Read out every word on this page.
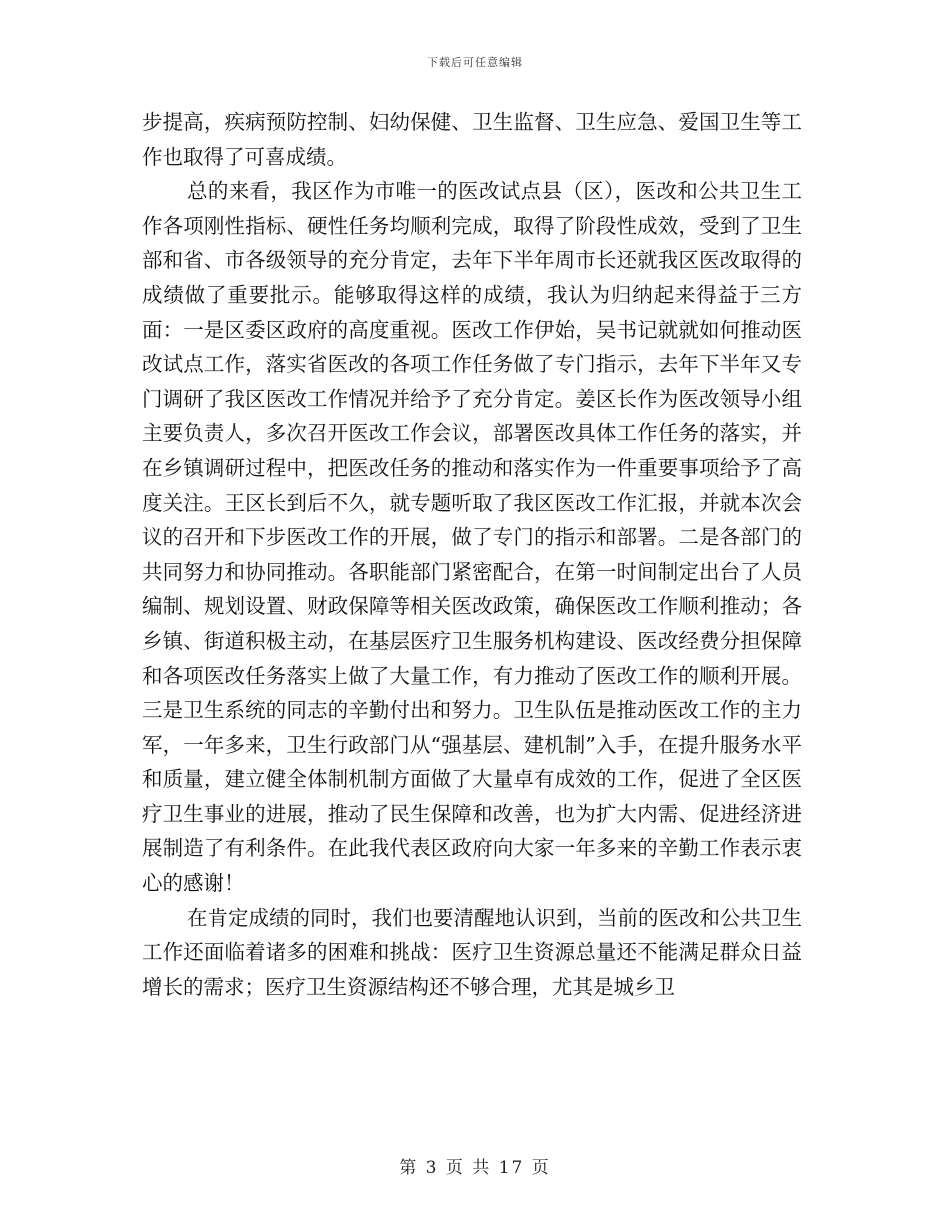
下载后可任意编辑

步提高，疾病预防控制、妇幼保健、卫生监督、卫生应急、爱国卫生等工作也取得了可喜成绩。

总的来看，我区作为市唯一的医改试点县（区），医改和公共卫生工作各项刚性指标、硬性任务均顺利完成，取得了阶段性成效，受到了卫生部和省、市各级领导的充分肯定，去年下半年周市长还就我区医改取得的成绩做了重要批示。能够取得这样的成绩，我认为归纳起来得益于三方面：一是区委区政府的高度重视。医改工作伊始，吴书记就就如何推动医改试点工作，落实省医改的各项工作任务做了专门指示，去年下半年又专门调研了我区医改工作情况并给予了充分肯定。姜区长作为医改领导小组主要负责人，多次召开医改工作会议，部署医改具体工作任务的落实，并在乡镇调研过程中，把医改任务的推动和落实作为一件重要事项给予了高度关注。王区长到后不久，就专题听取了我区医改工作汇报，并就本次会议的召开和下步医改工作的开展，做了专门的指示和部署。二是各部门的共同努力和协同推动。各职能部门紧密配合，在第一时间制定出台了人员编制、规划设置、财政保障等相关医改政策，确保医改工作顺利推动；各乡镇、街道积极主动，在基层医疗卫生服务机构建设、医改经费分担保障和各项医改任务落实上做了大量工作，有力推动了医改工作的顺利开展。三是卫生系统的同志的辛勤付出和努力。卫生队伍是推动医改工作的主力军，一年多来，卫生行政部门从“强基层、建机制”入手，在提升服务水平和质量，建立健全体制机制方面做了大量卓有成效的工作，促进了全区医疗卫生事业的进展，推动了民生保障和改善，也为扩大内需、促进经济进展制造了有利条件。在此我代表区政府向大家一年多来的辛勤工作表示衷心的感谢！

在肯定成绩的同时，我们也要清醒地认识到，当前的医改和公共卫生工作还面临着诸多的困难和挑战：医疗卫生资源总量还不能满足群众日益增长的需求；医疗卫生资源结构还不够合理，尤其是城乡卫

第 3 页 共 17 页
